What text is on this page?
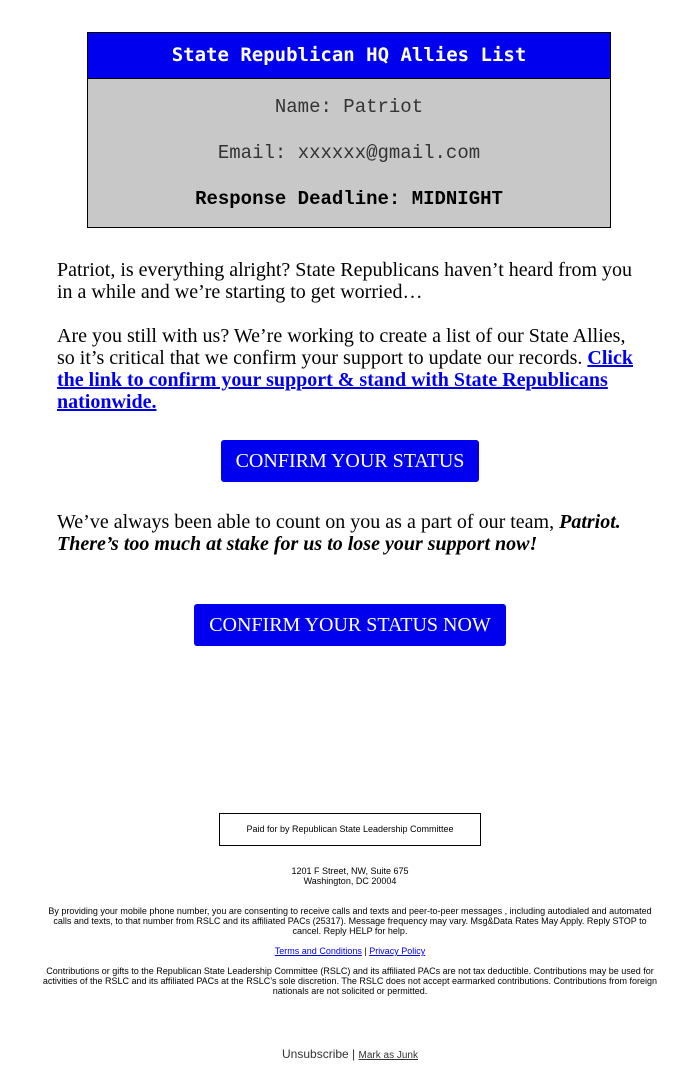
State Republican HQ Allies List
Name: Patriot
Email: xxxxxx@gmail.com
Response Deadline: MIDNIGHT

Patriot, is everything alright? State Republicans haven’t heard from you in a while and we’re starting to get worried…

Are you still with us? We’re working to create a list of our State Allies, so it’s critical that we confirm your support to update our records. Click the link to confirm your support & stand with State Republicans nationwide.

CONFIRM YOUR STATUS

We’ve always been able to count on you as a part of our team, Patriot. There’s too much at stake for us to lose your support now!

CONFIRM YOUR STATUS NOW
Paid for by Republican State Leadership Committee

1201 F Street, NW, Suite 675
Washington, DC 20004

By providing your mobile phone number, you are consenting to receive calls and texts and peer-to-peer messages , including autodialed and automated calls and texts, to that number from RSLC and its affiliated PACs (25317). Message frequency may vary. Msg&Data Rates May Apply. Reply STOP to cancel. Reply HELP for help.

Terms and Conditions | Privacy Policy

Contributions or gifts to the Republican State Leadership Committee (RSLC) and its affiliated PACs are not tax deductible. Contributions may be used for activities of the RSLC and its affiliated PACs at the RSLC’s sole discretion. The RSLC does not accept earmarked contributions. Contributions from foreign nationals are not solicited or permitted.

Unsubscribe | Mark as Junk
